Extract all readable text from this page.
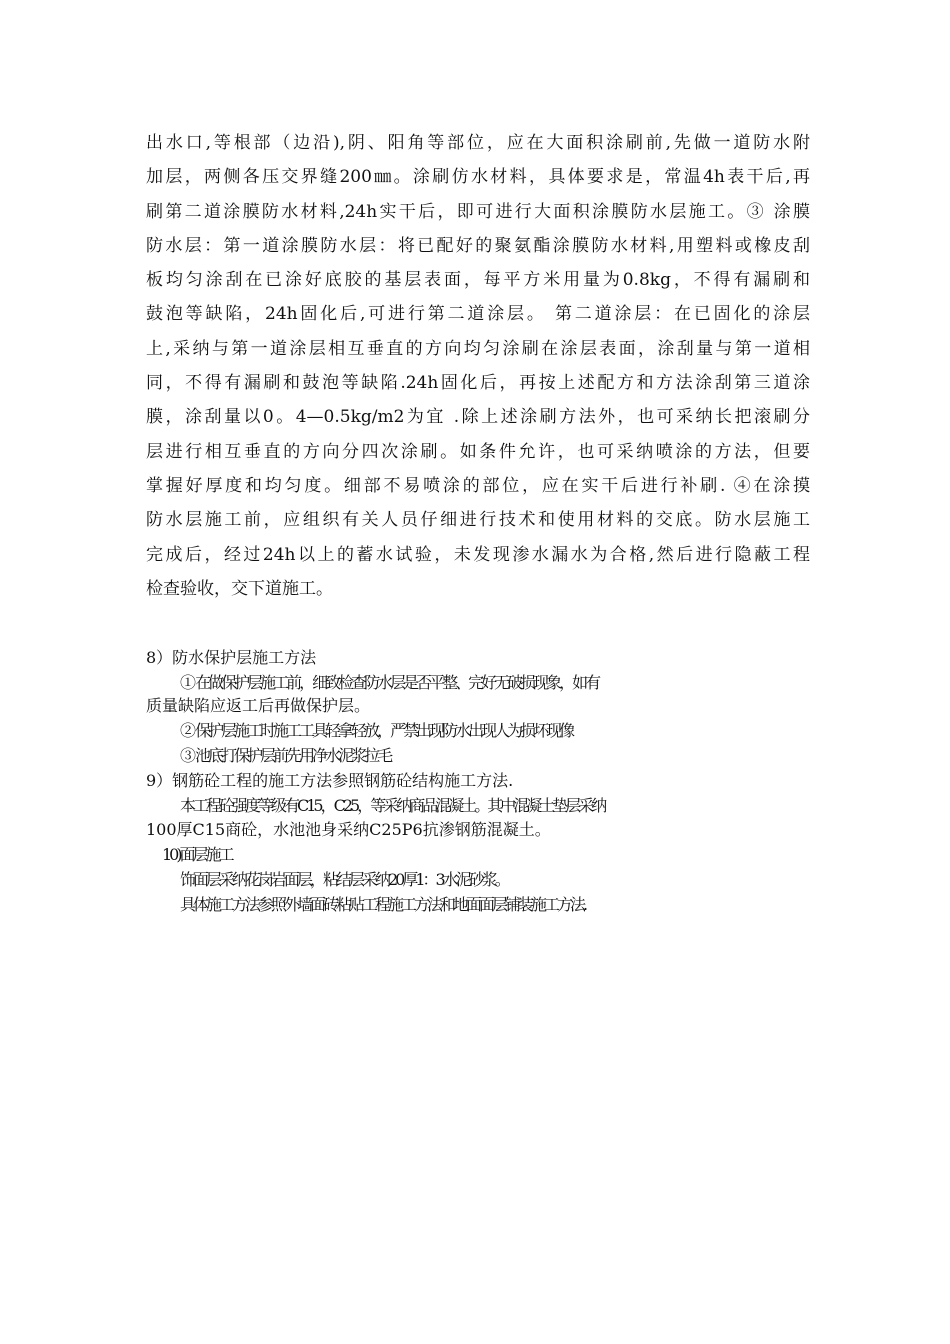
出水口,等根部（边沿),阴、阳角等部位，应在大面积涂刷前,先做一道防水附
加层，两侧各压交界缝200㎜。涂刷仿水材料，具体要求是，常温4h表干后,再
刷第二道涂膜防水材料,24h实干后，即可进行大面积涂膜防水层施工。③ 涂膜
防水层：第一道涂膜防水层：将已配好的聚氨酯涂膜防水材料,用塑料或橡皮刮
板均匀涂刮在已涂好底胶的基层表面，每平方米用量为0.8kg，不得有漏刷和
鼓泡等缺陷，24h固化后,可进行第二道涂层。 第二道涂层：在已固化的涂层
上,采纳与第一道涂层相互垂直的方向均匀涂刷在涂层表面，涂刮量与第一道相
同，不得有漏刷和鼓泡等缺陷.24h固化后，再按上述配方和方法涂刮第三道涂
膜，涂刮量以0。4—0.5kg/m2为宜 .除上述涂刷方法外，也可采纳长把滚刷分
层进行相互垂直的方向分四次涂刷。如条件允许，也可采纳喷涂的方法，但要
掌握好厚度和均匀度。细部不易喷涂的部位，应在实干后进行补刷. ④在涂摸
防水层施工前，应组织有关人员仔细进行技术和使用材料的交底。防水层施工
完成后，经过24h以上的蓄水试验，未发现渗水漏水为合格,然后进行隐蔽工程
检查验收，交下道施工。

8）防水保护层施工方法

① 在做保护层施工前，细致检查防水层是否平整、完好无破损现象，如有

质量缺陷应返工后再做保护层。

② 保护层施工时施工工具轻拿轻放，严禁出现防水出现人为损坏现像

③ 池底打保护层前先用净水泥浆拉毛

9）钢筋砼工程的施工方法参照钢筋砼结构施工方法.

本工程砼强度等级有C15，C25，等采纳商品混凝土。其中混凝土垫层采纳

100厚C15商砼，水池池身采纳C25P6抗渗钢筋混凝土。

10)面层施工

饰面层采纳花岗岩面层，粘结层采纳20厚1：3水泥砂浆。

具体施工方法参照外墙面砖粘贴工程施工方法和地面面层铺装施工方法.
